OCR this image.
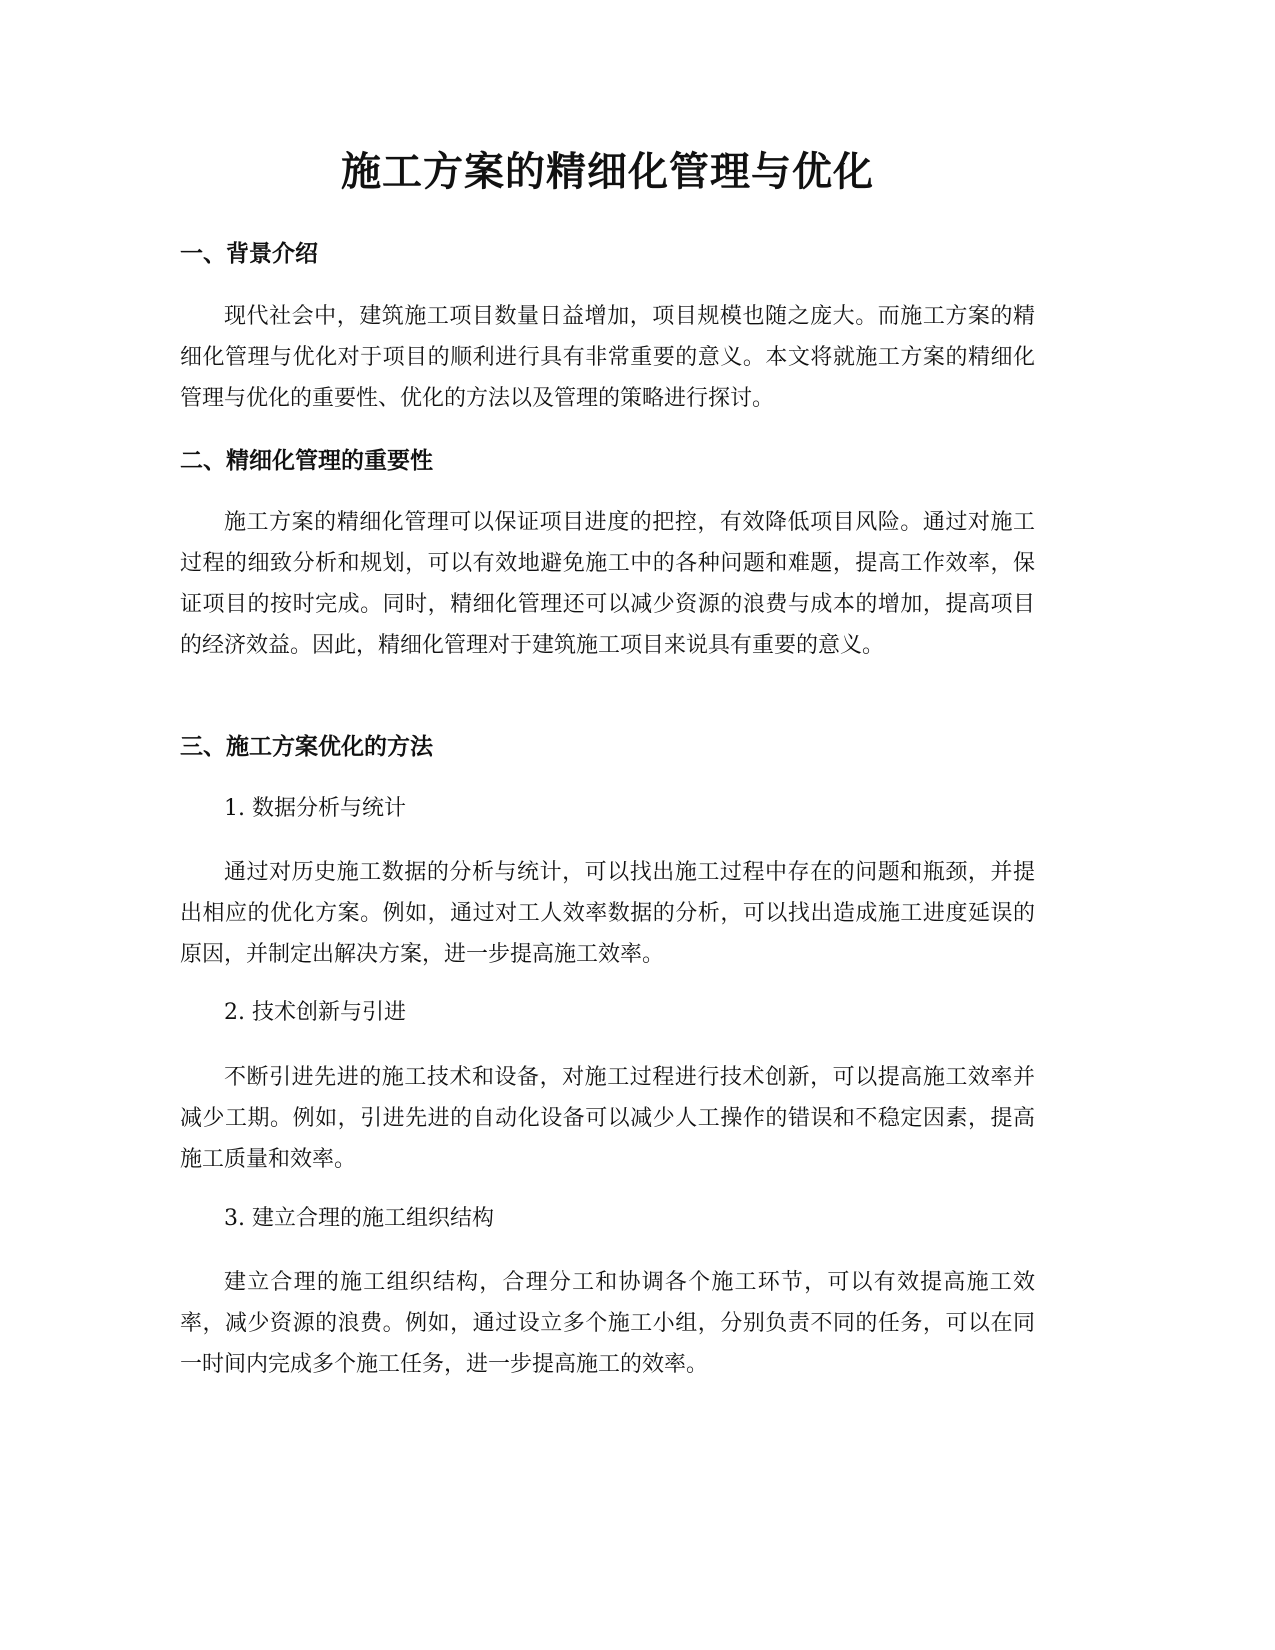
施工方案的精细化管理与优化
一、背景介绍

现代社会中，建筑施工项目数量日益增加，项目规模也随之庞大。而施工方案的精细化管理与优化对于项目的顺利进行具有非常重要的意义。本文将就施工方案的精细化管理与优化的重要性、优化的方法以及管理的策略进行探讨。

二、精细化管理的重要性

施工方案的精细化管理可以保证项目进度的把控，有效降低项目风险。通过对施工过程的细致分析和规划，可以有效地避免施工中的各种问题和难题，提高工作效率，保证项目的按时完成。同时，精细化管理还可以减少资源的浪费与成本的增加，提高项目的经济效益。因此，精细化管理对于建筑施工项目来说具有重要的意义。

三、施工方案优化的方法

1. 数据分析与统计

通过对历史施工数据的分析与统计，可以找出施工过程中存在的问题和瓶颈，并提出相应的优化方案。例如，通过对工人效率数据的分析，可以找出造成施工进度延误的原因，并制定出解决方案，进一步提高施工效率。

2. 技术创新与引进

不断引进先进的施工技术和设备，对施工过程进行技术创新，可以提高施工效率并减少工期。例如，引进先进的自动化设备可以减少人工操作的错误和不稳定因素，提高施工质量和效率。

3. 建立合理的施工组织结构

建立合理的施工组织结构，合理分工和协调各个施工环节，可以有效提高施工效率，减少资源的浪费。例如，通过设立多个施工小组，分别负责不同的任务，可以在同一时间内完成多个施工任务，进一步提高施工的效率。
